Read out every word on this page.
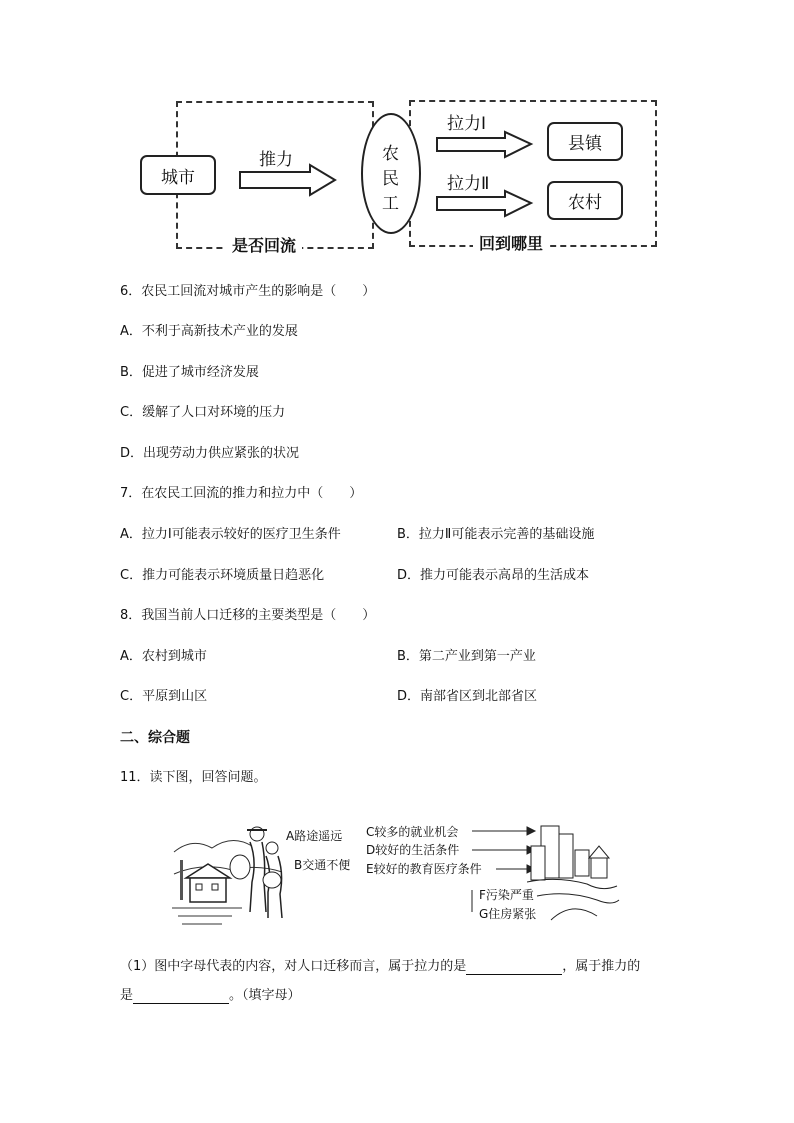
城市
推力	农
民
工
拉力Ⅰ
拉力Ⅱ
县镇
农村
是否回流	回到哪里
6．农民工回流对城市产生的影响是（　　）
A．不利于高新技术产业的发展
B．促进了城市经济发展
C．缓解了人口对环境的压力
D．出现劳动力供应紧张的状况
7．在农民工回流的推力和拉力中（　　）
A．拉力Ⅰ可能表示较好的医疗卫生条件	B．拉力Ⅱ可能表示完善的基础设施
C．推力可能表示环境质量日趋恶化	D．推力可能表示高昂的生活成本
8．我国当前人口迁移的主要类型是（　　）
A．农村到城市	B．第二产业到第一产业
C．平原到山区	D．南部省区到北部省区
二、综合题
11．读下图，回答问题。
A路途遥远
B交通不便
C较多的就业机会
D较好的生活条件
E较好的教育医疗条件
F污染严重
G住房紧张
（1）图中字母代表的内容，对人口迁移而言，属于拉力的是	，属于推力的
是	。（填字母）
